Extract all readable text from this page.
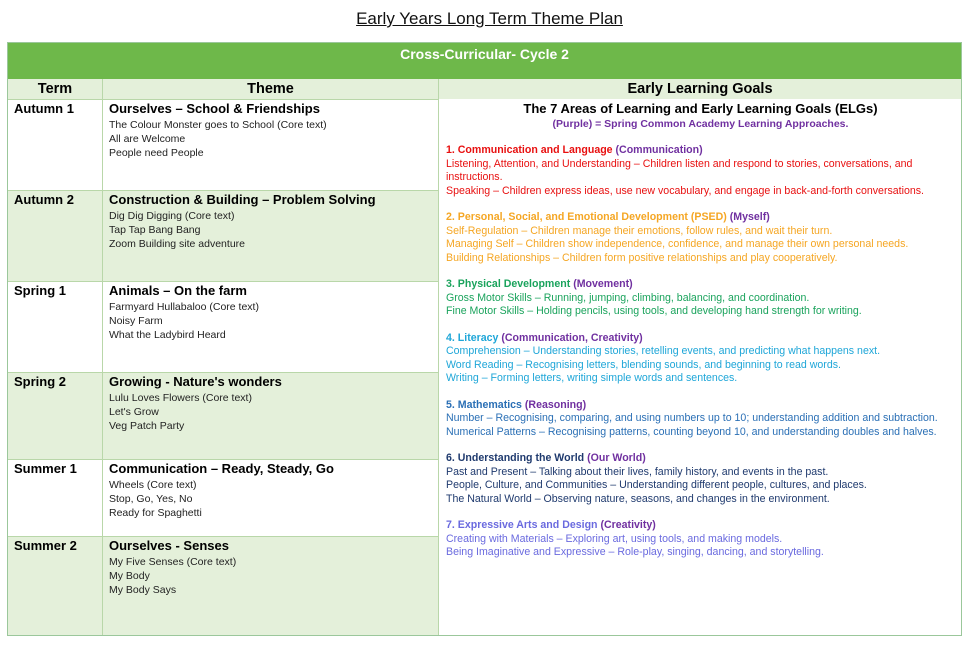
Early Years Long Term Theme Plan
Cross-Curricular- Cycle 2
Term	Theme	Early Learning Goals
Autumn 1	Ourselves – School & Friendships
The Colour Monster goes to School (Core text)
All are Welcome
People need People
Autumn 2	Construction & Building – Problem Solving
Dig Dig Digging (Core text)
Tap Tap Bang Bang
Zoom Building site adventure
Spring 1	Animals – On the farm
Farmyard Hullabaloo (Core text)
Noisy Farm
What the Ladybird Heard
Spring 2	Growing - Nature's wonders
Lulu Loves Flowers (Core text)
Let's Grow
Veg Patch Party
Summer 1	Communication – Ready, Steady, Go
Wheels (Core text)
Stop, Go, Yes, No
Ready for Spaghetti
Summer 2	Ourselves - Senses
My Five Senses (Core text)
My Body
My Body Says
The 7 Areas of Learning and Early Learning Goals (ELGs)
(Purple) = Spring Common Academy Learning Approaches.
1. Communication and Language (Communication)
Listening, Attention, and Understanding – Children listen and respond to stories, conversations, and instructions.
Speaking – Children express ideas, use new vocabulary, and engage in back-and-forth conversations.
2. Personal, Social, and Emotional Development (PSED) (Myself)
Self-Regulation – Children manage their emotions, follow rules, and wait their turn.
Managing Self – Children show independence, confidence, and manage their own personal needs.
Building Relationships – Children form positive relationships and play cooperatively.
3. Physical Development (Movement)
Gross Motor Skills – Running, jumping, climbing, balancing, and coordination.
Fine Motor Skills – Holding pencils, using tools, and developing hand strength for writing.
4. Literacy (Communication, Creativity)
Comprehension – Understanding stories, retelling events, and predicting what happens next.
Word Reading – Recognising letters, blending sounds, and beginning to read words.
Writing – Forming letters, writing simple words and sentences.
5. Mathematics (Reasoning)
Number – Recognising, comparing, and using numbers up to 10; understanding addition and subtraction.
Numerical Patterns – Recognising patterns, counting beyond 10, and understanding doubles and halves.
6. Understanding the World (Our World)
Past and Present – Talking about their lives, family history, and events in the past.
People, Culture, and Communities – Understanding different people, cultures, and places.
The Natural World – Observing nature, seasons, and changes in the environment.
7. Expressive Arts and Design (Creativity)
Creating with Materials – Exploring art, using tools, and making models.
Being Imaginative and Expressive – Role-play, singing, dancing, and storytelling.
